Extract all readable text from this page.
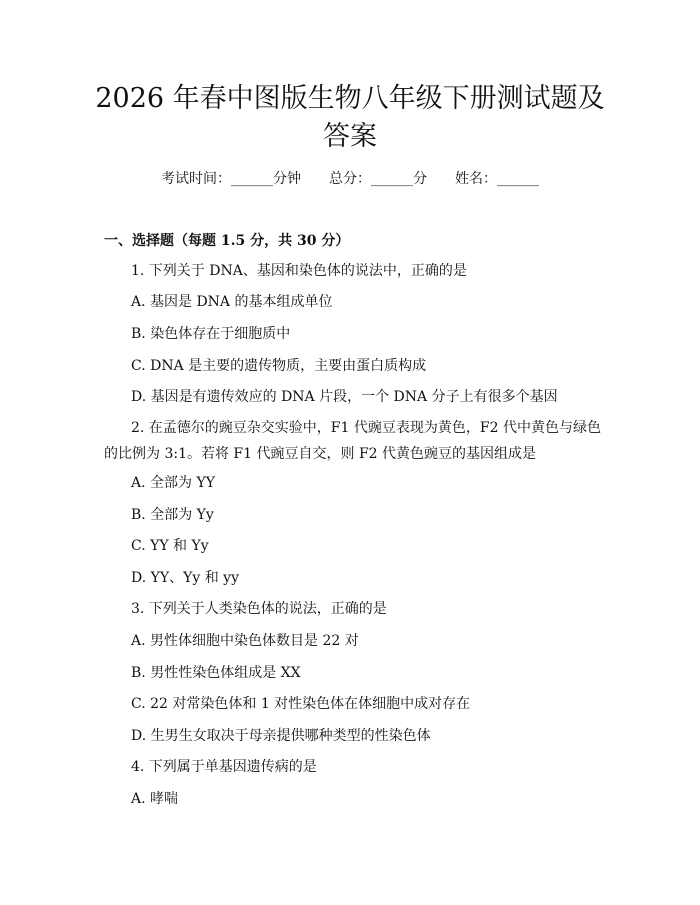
2026 年春中图版生物八年级下册测试题及答案
考试时间：______分钟 总分：______分 姓名：______
一、选择题（每题 1.5 分，共 30 分）
1. 下列关于 DNA、基因和染色体的说法中，正确的是
A. 基因是 DNA 的基本组成单位
B. 染色体存在于细胞质中
C. DNA 是主要的遗传物质，主要由蛋白质构成
D. 基因是有遗传效应的 DNA 片段，一个 DNA 分子上有很多个基因
2. 在孟德尔的豌豆杂交实验中，F1 代豌豆表现为黄色，F2 代中黄色与绿色的比例为 3:1。若将 F1 代豌豆自交，则 F2 代黄色豌豆的基因组成是
A. 全部为 YY
B. 全部为 Yy
C. YY 和 Yy
D. YY、Yy 和 yy
3. 下列关于人类染色体的说法，正确的是
A. 男性体细胞中染色体数目是 22 对
B. 男性性染色体组成是 XX
C. 22 对常染色体和 1 对性染色体在体细胞中成对存在
D. 生男生女取决于母亲提供哪种类型的性染色体
4. 下列属于单基因遗传病的是
A. 哮喘
